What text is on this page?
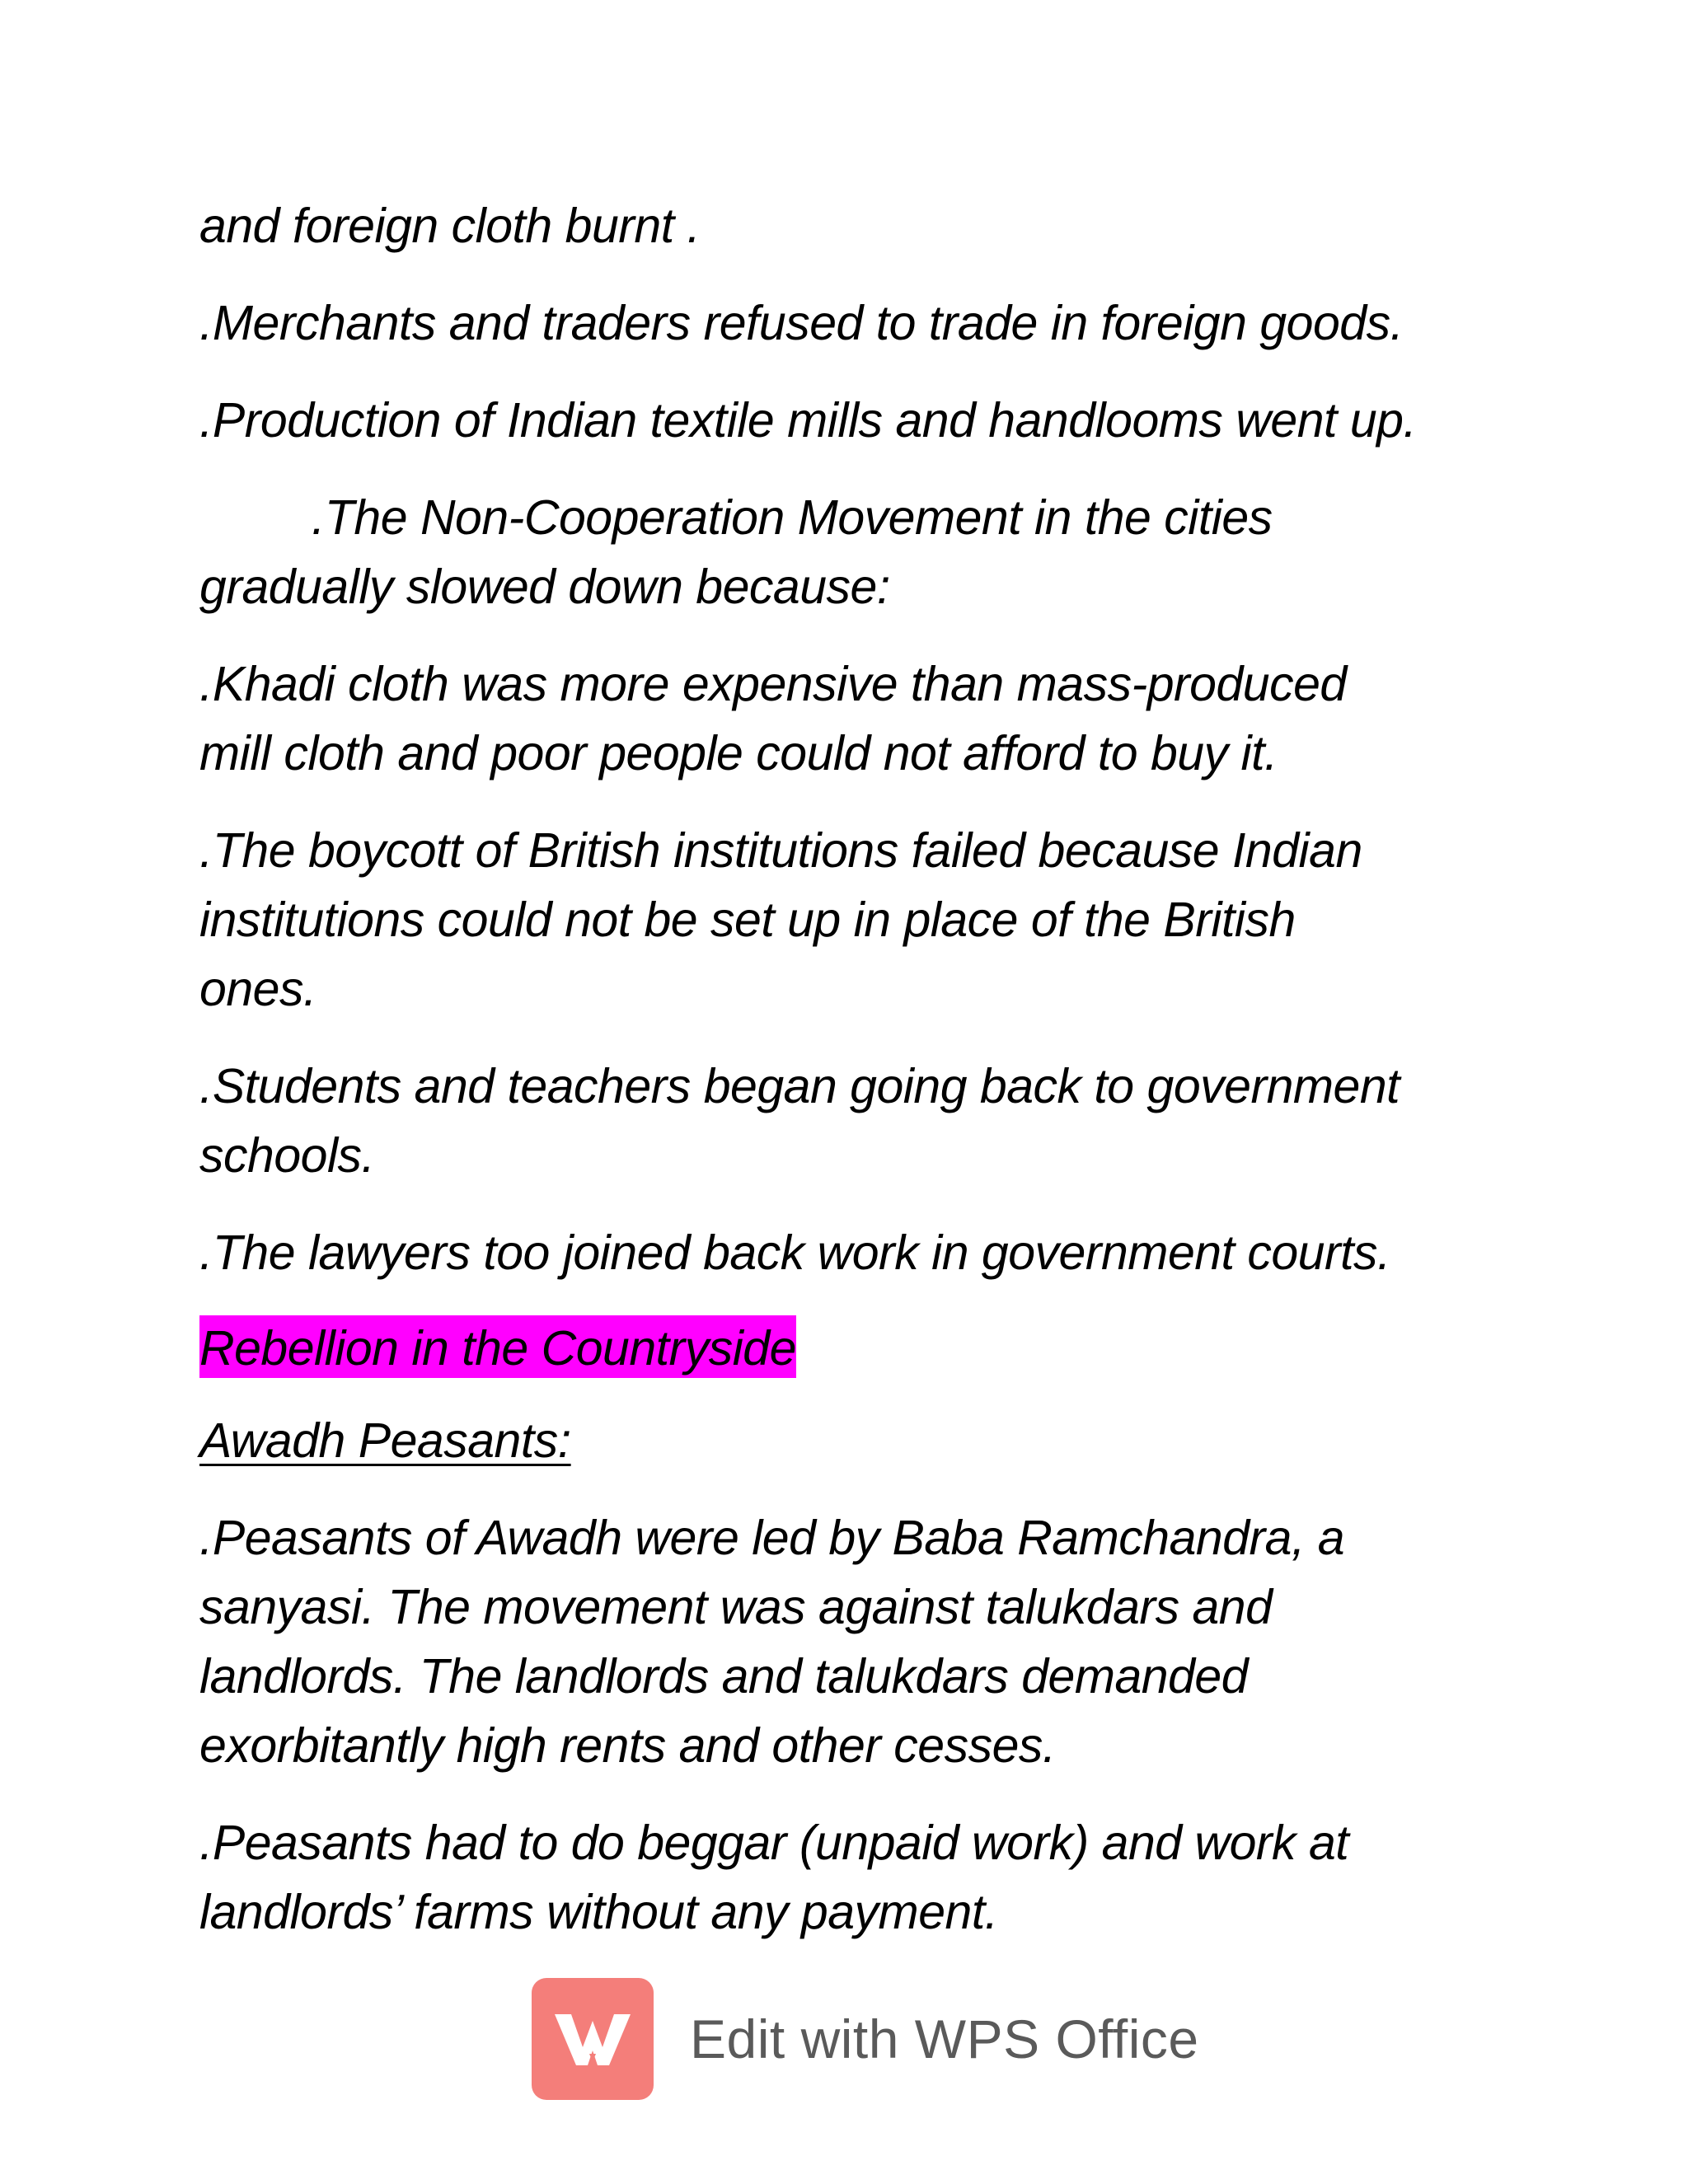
and foreign cloth burnt .

.Merchants and traders refused to trade in foreign goods.

.Production of Indian textile mills and handlooms went up.

.The Non-Cooperation Movement in the cities
gradually slowed down because:

.Khadi cloth was more expensive than mass-produced
mill cloth and poor people could not afford to buy it.

.The boycott of British institutions failed because Indian
institutions could not be set up in place of the British
ones.

.Students and teachers began going back to government
schools.

.The lawyers too joined back work in government courts.

Rebellion in the Countryside

Awadh Peasants:

.Peasants of Awadh were led by Baba Ramchandra, a
sanyasi. The movement was against talukdars and
landlords. The landlords and talukdars demanded
exorbitantly high rents and other cesses.

.Peasants had to do beggar (unpaid work) and work at
landlords’ farms without any payment.

Edit with WPS Office
